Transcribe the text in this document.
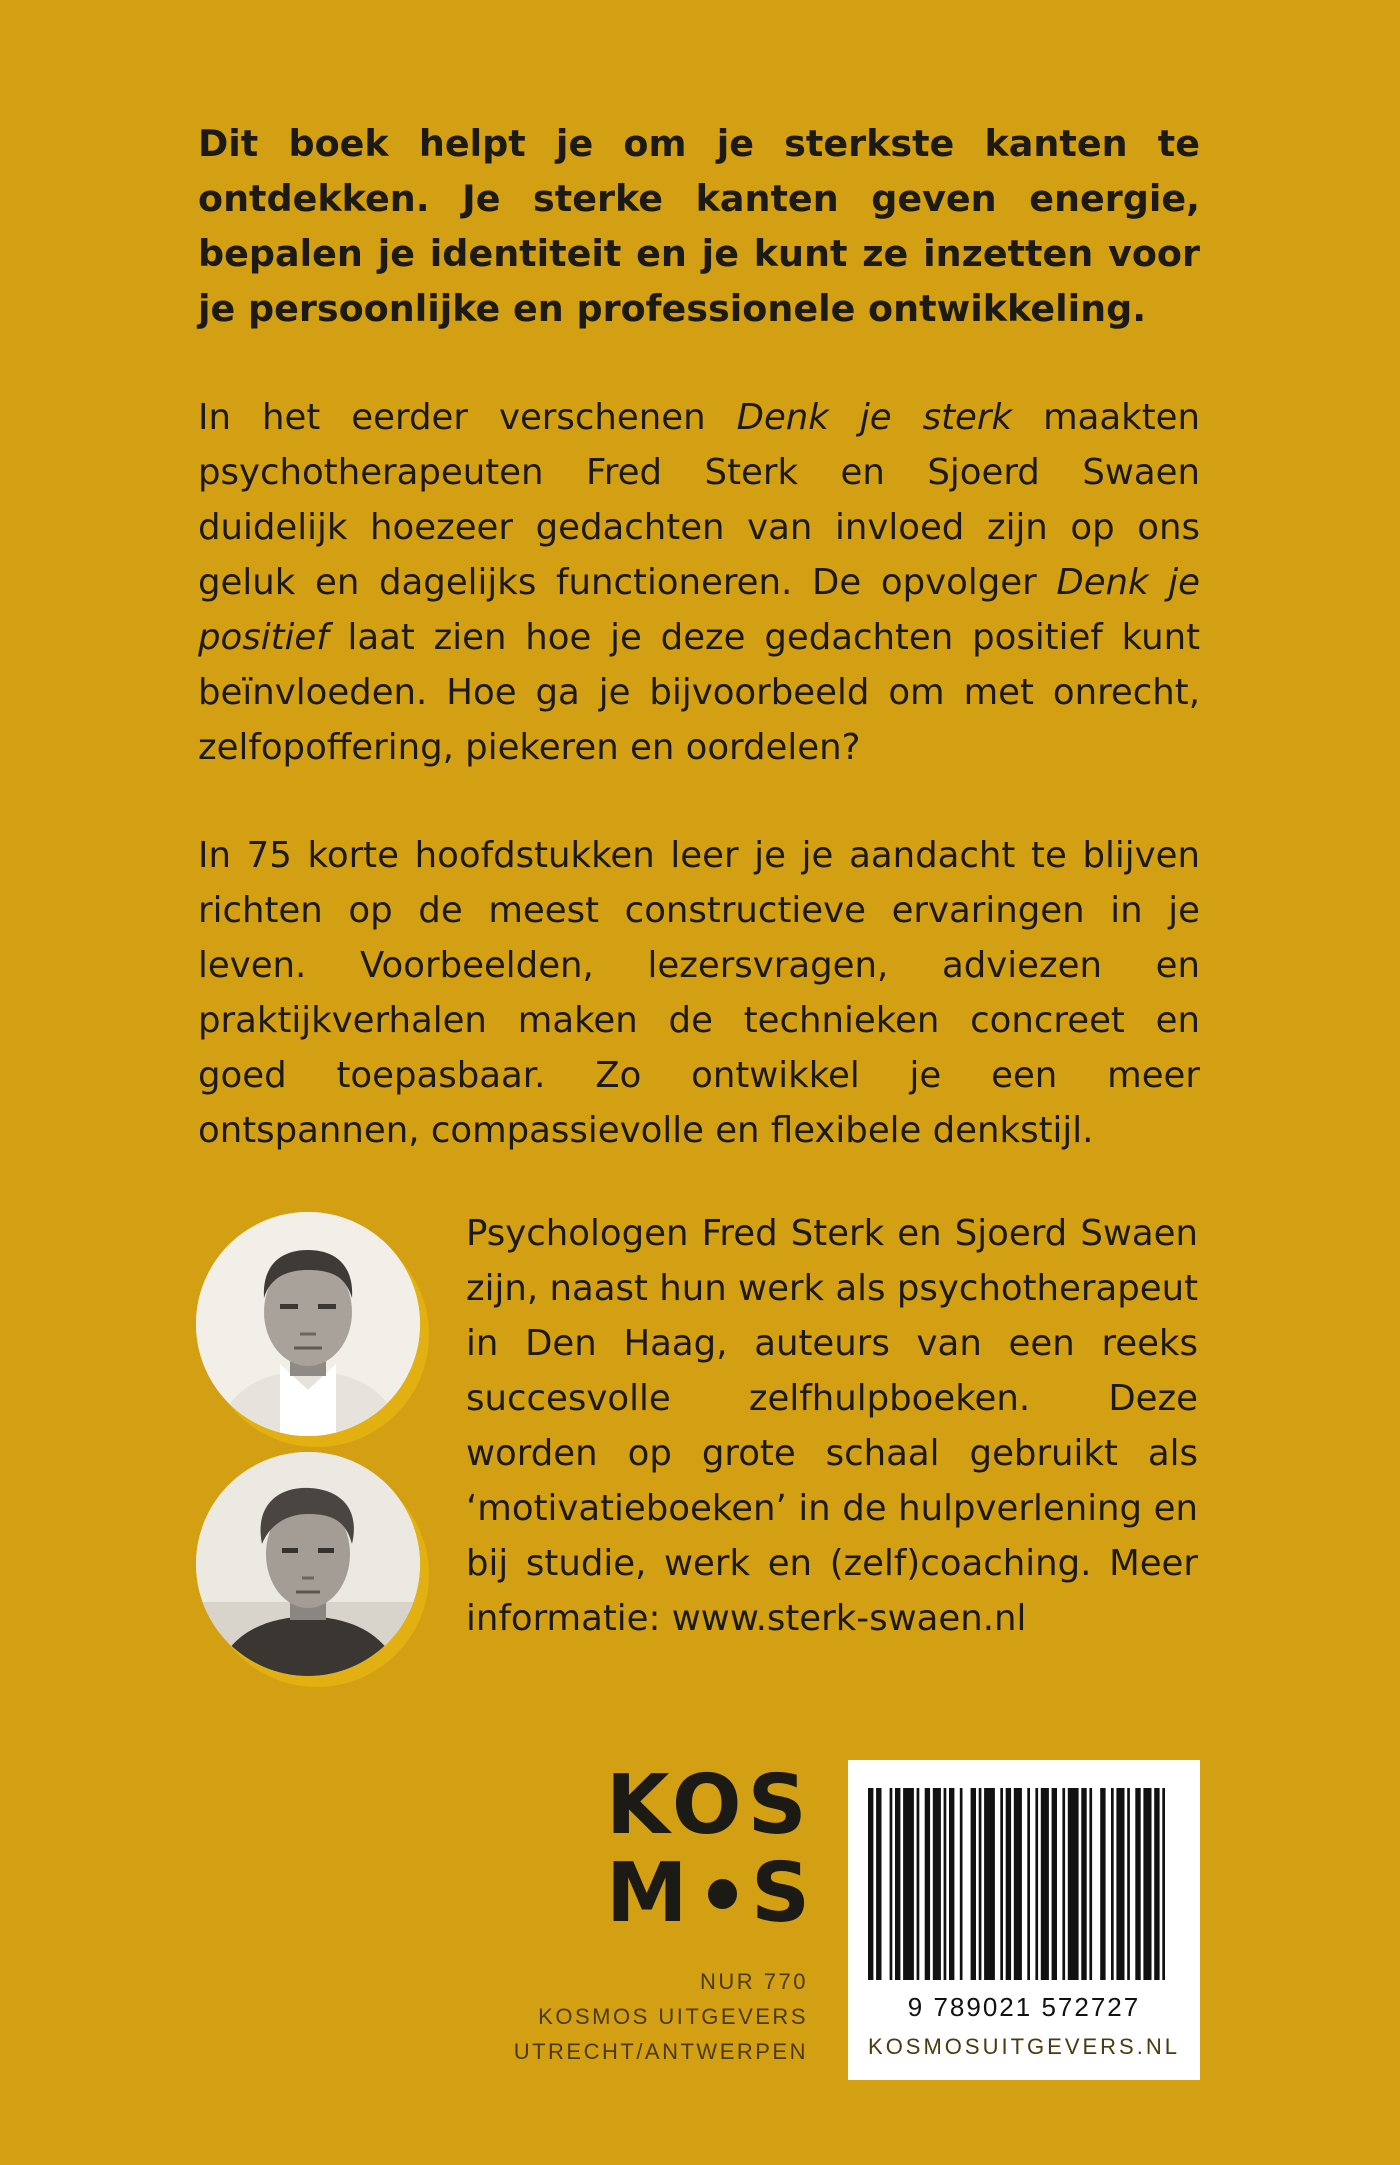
Dit boek helpt je om je sterkste kanten te ontdekken. Je sterke kanten geven energie, bepalen je identiteit en je kunt ze inzetten voor je persoonlijke en professionele ontwikkeling.

In het eerder verschenen Denk je sterk maakten psychotherapeuten Fred Sterk en Sjoerd Swaen duidelijk hoezeer gedachten van invloed zijn op ons geluk en dagelijks functioneren. De opvolger Denk je positief laat zien hoe je deze gedachten positief kunt beïnvloeden. Hoe ga je bijvoorbeeld om met onrecht, zelfopoffering, piekeren en oordelen?

In 75 korte hoofdstukken leer je je aandacht te blijven richten op de meest constructieve ervaringen in je leven. Voorbeelden, lezersvragen, adviezen en praktijkverhalen maken de technieken concreet en goed toepasbaar. Zo ontwikkel je een meer ontspannen, compassievolle en flexibele denkstijl.

Psychologen Fred Sterk en Sjoerd Swaen zijn, naast hun werk als psychotherapeut in Den Haag, auteurs van een reeks succesvolle zelfhulpboeken. Deze worden op grote schaal gebruikt als ‘motivatieboeken’ in de hulpverlening en bij studie, werk en (zelf)coaching. Meer informatie: www.sterk-swaen.nl

KOS
M S
NUR 770
KOSMOS UITGEVERS
UTRECHT/ANTWERPEN
9 789021 572727
KOSMOSUITGEVERS.NL
